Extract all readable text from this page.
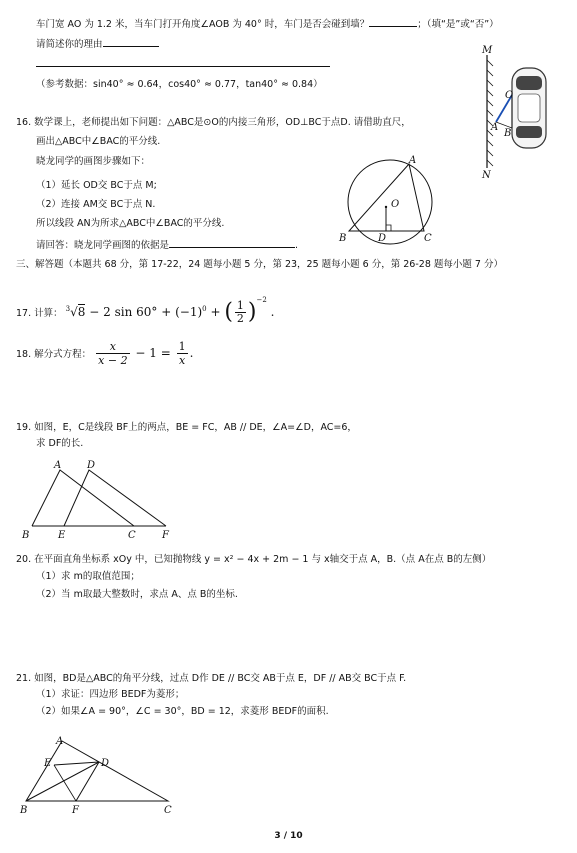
车门宽 AO 为 1.2 米，当车门打开角度∠AOB 为 40° 时，车门是否会碰到墙？	；（填“是”或“否”）
请简述你的理由
（参考数据：sin40° ≈ 0.64，cos40° ≈ 0.77，tan40° ≈ 0.84）
M
N
O
A
B
16. 数学课上，老师提出如下问题：△ABC是⊙O的内接三角形，OD⊥BC于点D. 请借助直尺，
画出△ABC中∠BAC的平分线.
晓龙同学的画图步骤如下：
（1）延长 OD交 BC于点 M;
（2）连接 AM交 BC于点 N.
所以线段 AN为所求△ABC中∠BAC的平分线.
请回答：晓龙同学画图的依据是	.
A
O
B	D	C
三、解答题（本题共 68 分，第 17-22，24 题每小题 5 分，第 23，25 题每小题 6 分，第 26-28 题每小题 7 分）
17. 计算： $^3$√8 − 2 $\sin 60^\circ + (-1)^0$ + ( $\frac{1}{2} )^{-2}$ .
18. 解分式方程： $\frac{x}{x - 2} - 1 = \frac{1}{x}$ .
19. 如图，E，C是线段 BF上的两点，BE = FC，AB // DE，∠A=∠D，AC=6，
求 DF的长.
A	D
B	E	C	F
20. 在平面直角坐标系 xOy 中，已知抛物线 y = x² − 4x + 2m − 1 与 x轴交于点 A，B.（点 A在点 B的左侧）
（1）求 m的取值范围；
（2）当 m取最大整数时，求点 A、点 B的坐标.
21. 如图，BD是△ABC的角平分线，过点 D作 DE // BC交 AB于点 E，DF // AB交 BC于点 F.
（1）求证：四边形 BEDF为菱形；
（2）如果∠A = 90°，∠C = 30°，BD = 12，求菱形 BEDF的面积.
A
E	D
B	F	C
3 / 10
